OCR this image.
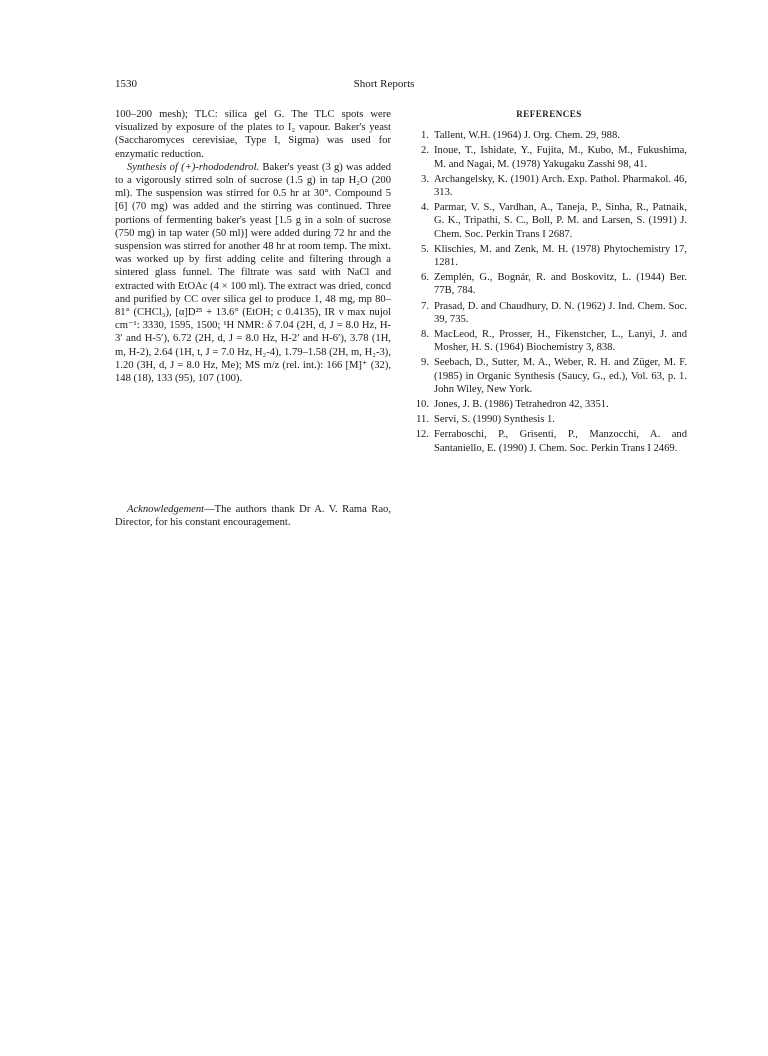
1530	Short Reports

100–200 mesh); TLC: silica gel G. The TLC spots were visualized by exposure of the plates to I₂ vapour. Baker's yeast (Saccharomyces cerevisiae, Type I, Sigma) was used for enzymatic reduction.

Synthesis of (+)-rhododendrol. Baker's yeast (3 g) was added to a vigorously stirred soln of sucrose (1.5 g) in tap H₂O (200 ml). The suspension was stirred for 0.5 hr at 30°. Compound 5 [6] (70 mg) was added and the stirring was continued. Three portions of fermenting baker's yeast [1.5 g in a soln of sucrose (750 mg) in tap water (50 ml)] were added during 72 hr and the suspension was stirred for another 48 hr at room temp. The mixt. was worked up by first adding celite and filtering through a sintered glass funnel. The filtrate was satd with NaCl and extracted with EtOAc (4 × 100 ml). The extract was dried, concd and purified by CC over silica gel to produce 1, 48 mg, mp 80–81° (CHCl₃), [α]D²⁵ + 13.6° (EtOH; c 0.4135), IR ν max nujol cm⁻¹: 3330, 1595, 1500; ¹H NMR: δ 7.04 (2H, d, J = 8.0 Hz, H-3′ and H-5′), 6.72 (2H, d, J = 8.0 Hz, H-2′ and H-6′), 3.78 (1H, m, H-2), 2.64 (1H, t, J = 7.0 Hz, H₂-4), 1.79–1.58 (2H, m, H₂-3), 1.20 (3H, d, J = 8.0 Hz, Me); MS m/z (rel. int.): 166 [M]⁺ (32), 148 (18), 133 (95), 107 (100).

Acknowledgement—The authors thank Dr A. V. Rama Rao, Director, for his constant encouragement.

REFERENCES
1. Tallent, W.H. (1964) J. Org. Chem. 29, 988.
2. Inoue, T., Ishidate, Y., Fujita, M., Kubo, M., Fukushima, M. and Nagai, M. (1978) Yakugaku Zasshi 98, 41.
3. Archangelsky, K. (1901) Arch. Exp. Pathol. Pharmakol. 46, 313.
4. Parmar, V. S., Vardhan, A., Taneja, P., Sinha, R., Patnaik, G. K., Tripathi, S. C., Boll, P. M. and Larsen, S. (1991) J. Chem. Soc. Perkin Trans I 2687.
5. Klischies, M. and Zenk, M. H. (1978) Phytochemistry 17, 1281.
6. Zemplén, G., Bognár, R. and Boskovitz, L. (1944) Ber. 77B, 784.
7. Prasad, D. and Chaudhury, D. N. (1962) J. Ind. Chem. Soc. 39, 735.
8. MacLeod, R., Prosser, H., Fikenstcher, L., Lanyi, J. and Mosher, H. S. (1964) Biochemistry 3, 838.
9. Seebach, D., Sutter, M. A., Weber, R. H. and Züger, M. F. (1985) in Organic Synthesis (Saucy, G., ed.), Vol. 63, p. 1. John Wiley, New York.
10. Jones, J. B. (1986) Tetrahedron 42, 3351.
11. Servi, S. (1990) Synthesis 1.
12. Ferraboschi, P., Grisenti, P., Manzocchi, A. and Santaniello, E. (1990) J. Chem. Soc. Perkin Trans I 2469.
